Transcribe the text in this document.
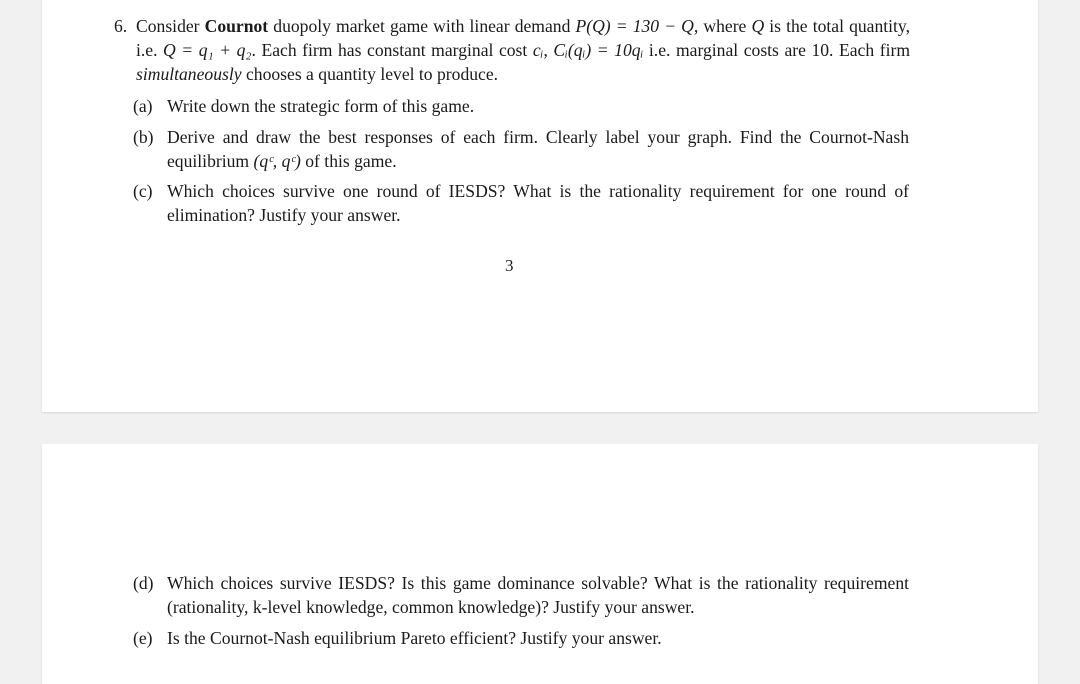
6. Consider Cournot duopoly market game with linear demand P(Q) = 130 − Q, where Q is the total quantity, i.e. Q = q₁ + q₂. Each firm has constant marginal cost cᵢ, Cᵢ(qᵢ) = 10qᵢ i.e. marginal costs are 10. Each firm simultaneously chooses a quantity level to produce.
(a) Write down the strategic form of this game.
(b) Derive and draw the best responses of each firm. Clearly label your graph. Find the Cournot-Nash equilibrium (qᶜ, qᶜ) of this game.
(c) Which choices survive one round of IESDS? What is the rationality requirement for one round of elimination? Justify your answer.
3
(d) Which choices survive IESDS? Is this game dominance solvable? What is the rationality requirement (rationality, k-level knowledge, common knowledge)? Justify your answer.
(e) Is the Cournot-Nash equilibrium Pareto efficient? Justify your answer.
